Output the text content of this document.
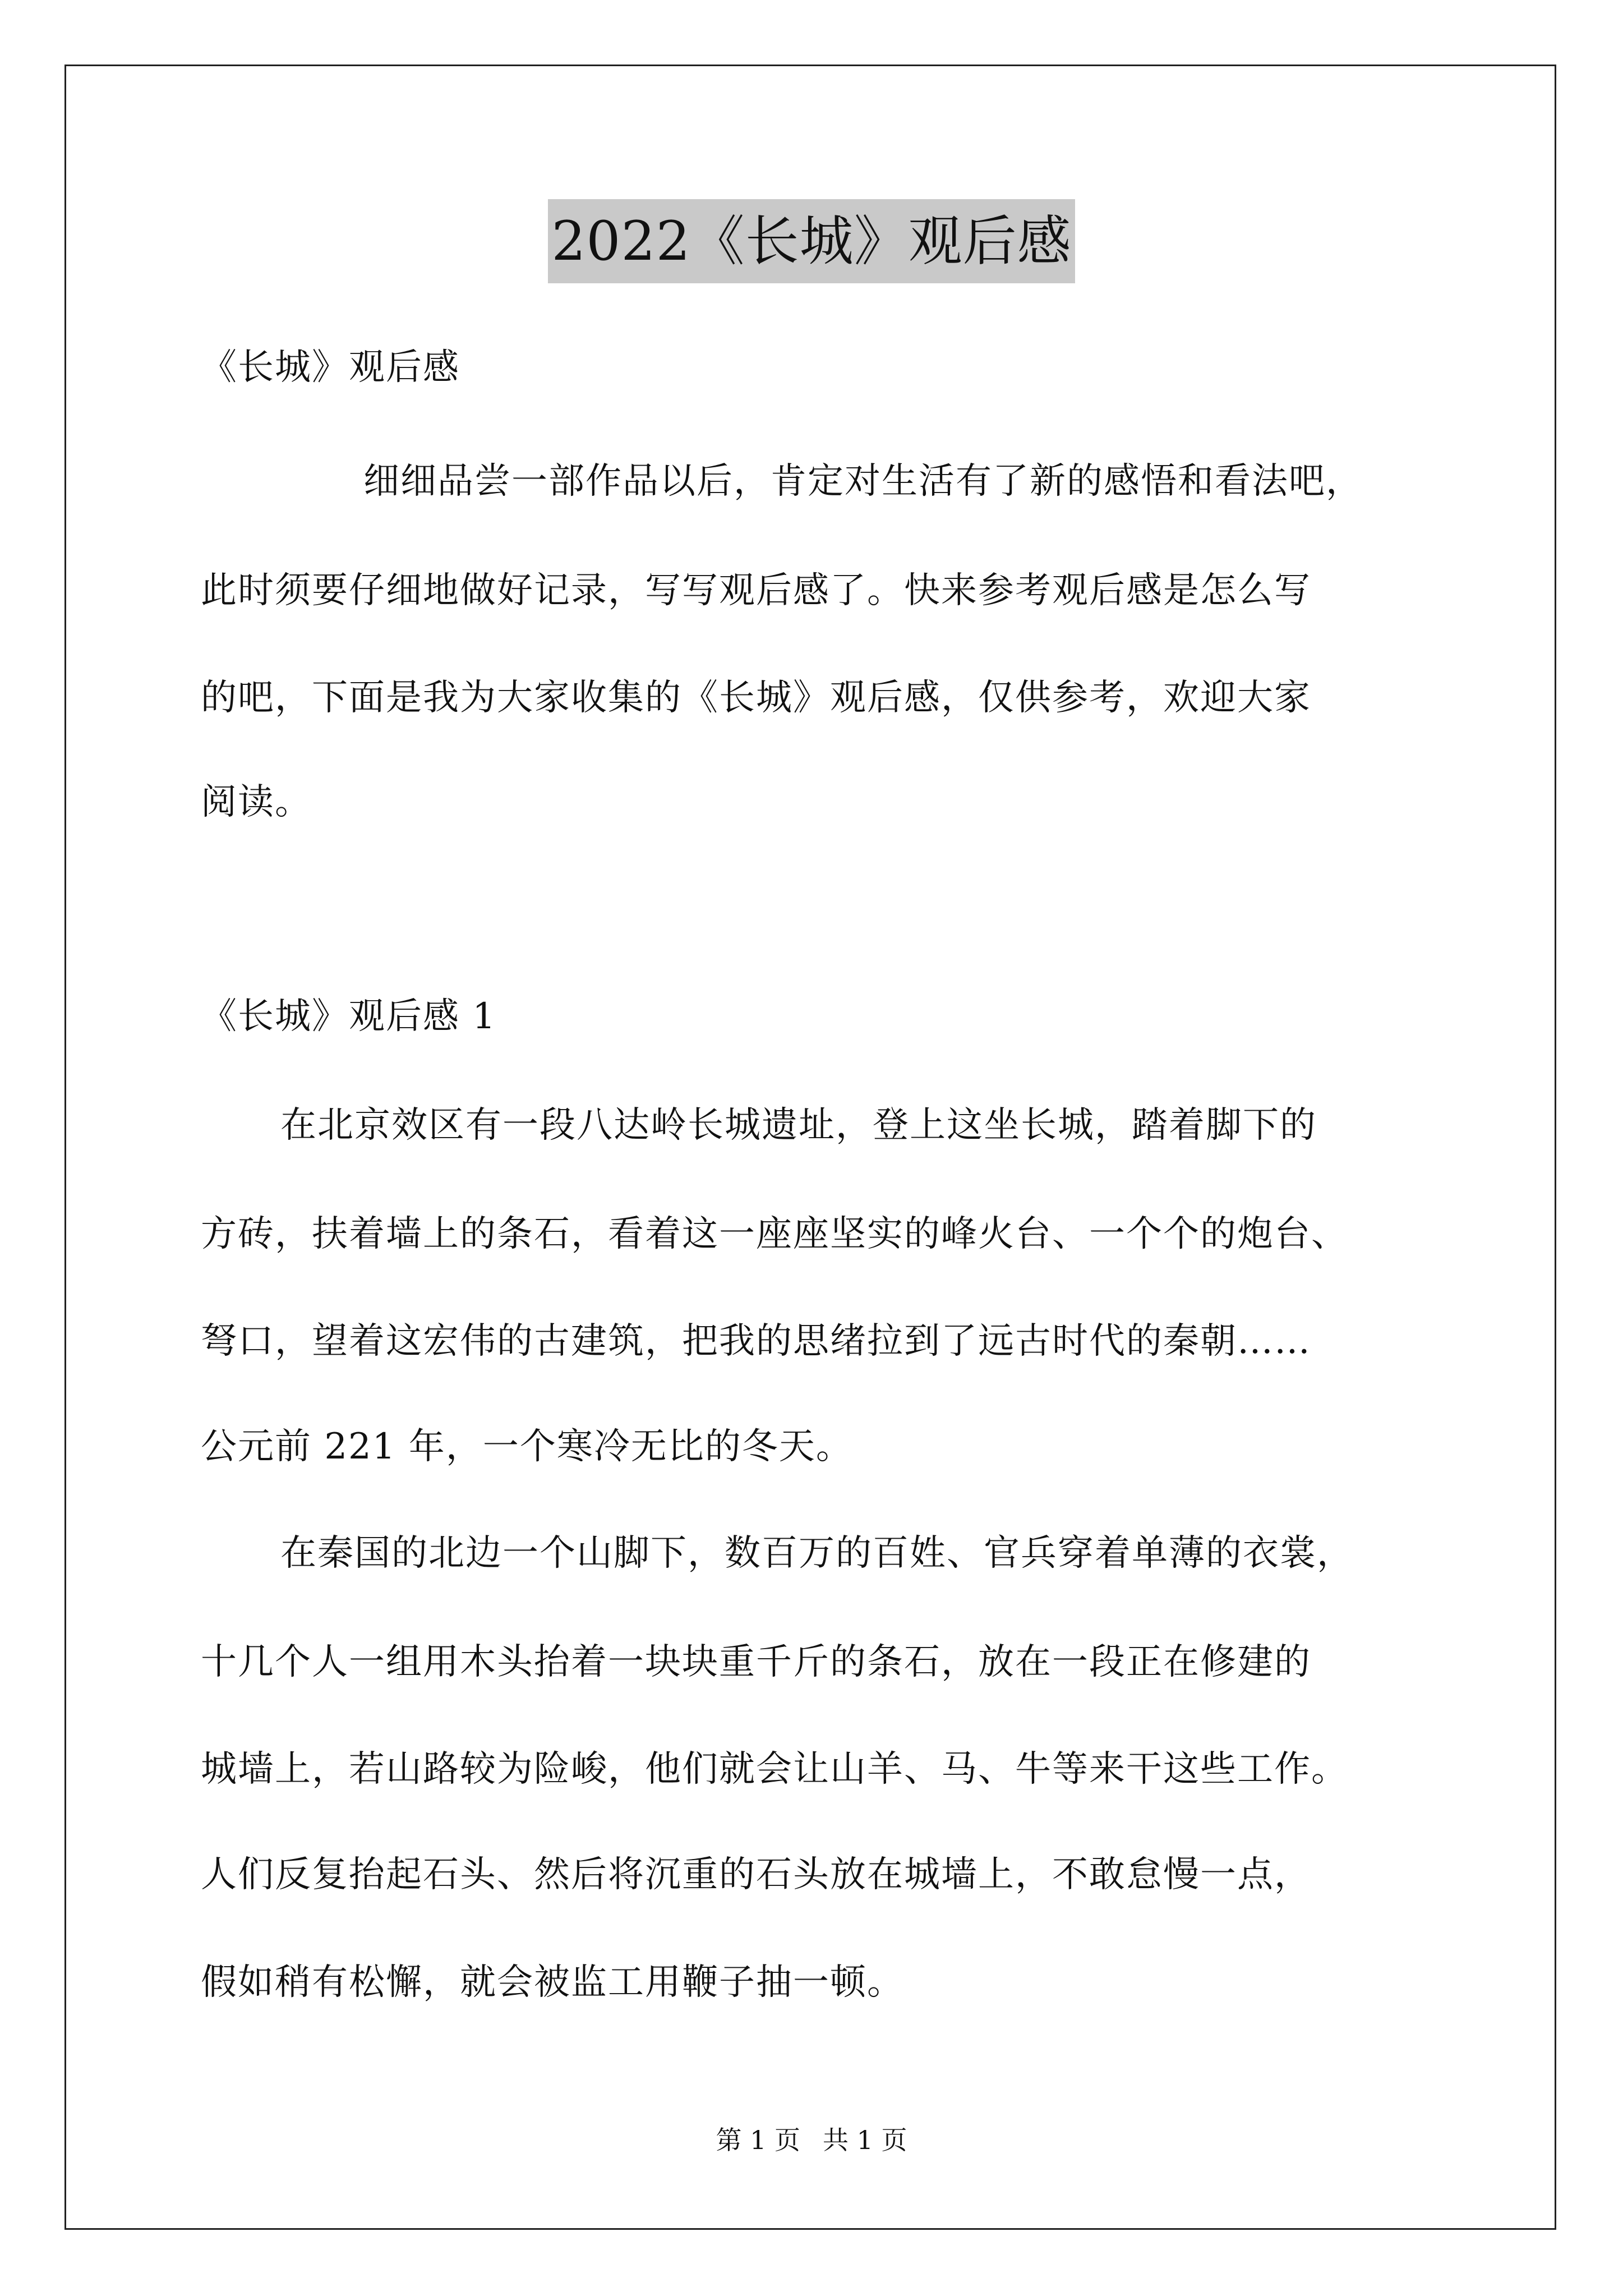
2022《长城》观后感
《长城》观后感
细细品尝一部作品以后，肯定对生活有了新的感悟和看法吧，
此时须要仔细地做好记录，写写观后感了。快来参考观后感是怎么写
的吧，下面是我为大家收集的《长城》观后感，仅供参考，欢迎大家
阅读。
《长城》观后感 1
在北京效区有一段八达岭长城遗址，登上这坐长城，踏着脚下的
方砖，扶着墙上的条石，看着这一座座坚实的峰火台、一个个的炮台、
弩口，望着这宏伟的古建筑，把我的思绪拉到了远古时代的秦朝……
公元前 221 年，一个寒冷无比的冬天。
在秦国的北边一个山脚下，数百万的百姓、官兵穿着单薄的衣裳，
十几个人一组用木头抬着一块块重千斤的条石，放在一段正在修建的
城墙上，若山路较为险峻，他们就会让山羊、马、牛等来干这些工作。
人们反复抬起石头、然后将沉重的石头放在城墙上，不敢怠慢一点，
假如稍有松懈，就会被监工用鞭子抽一顿。
第 1 页 共 1 页
